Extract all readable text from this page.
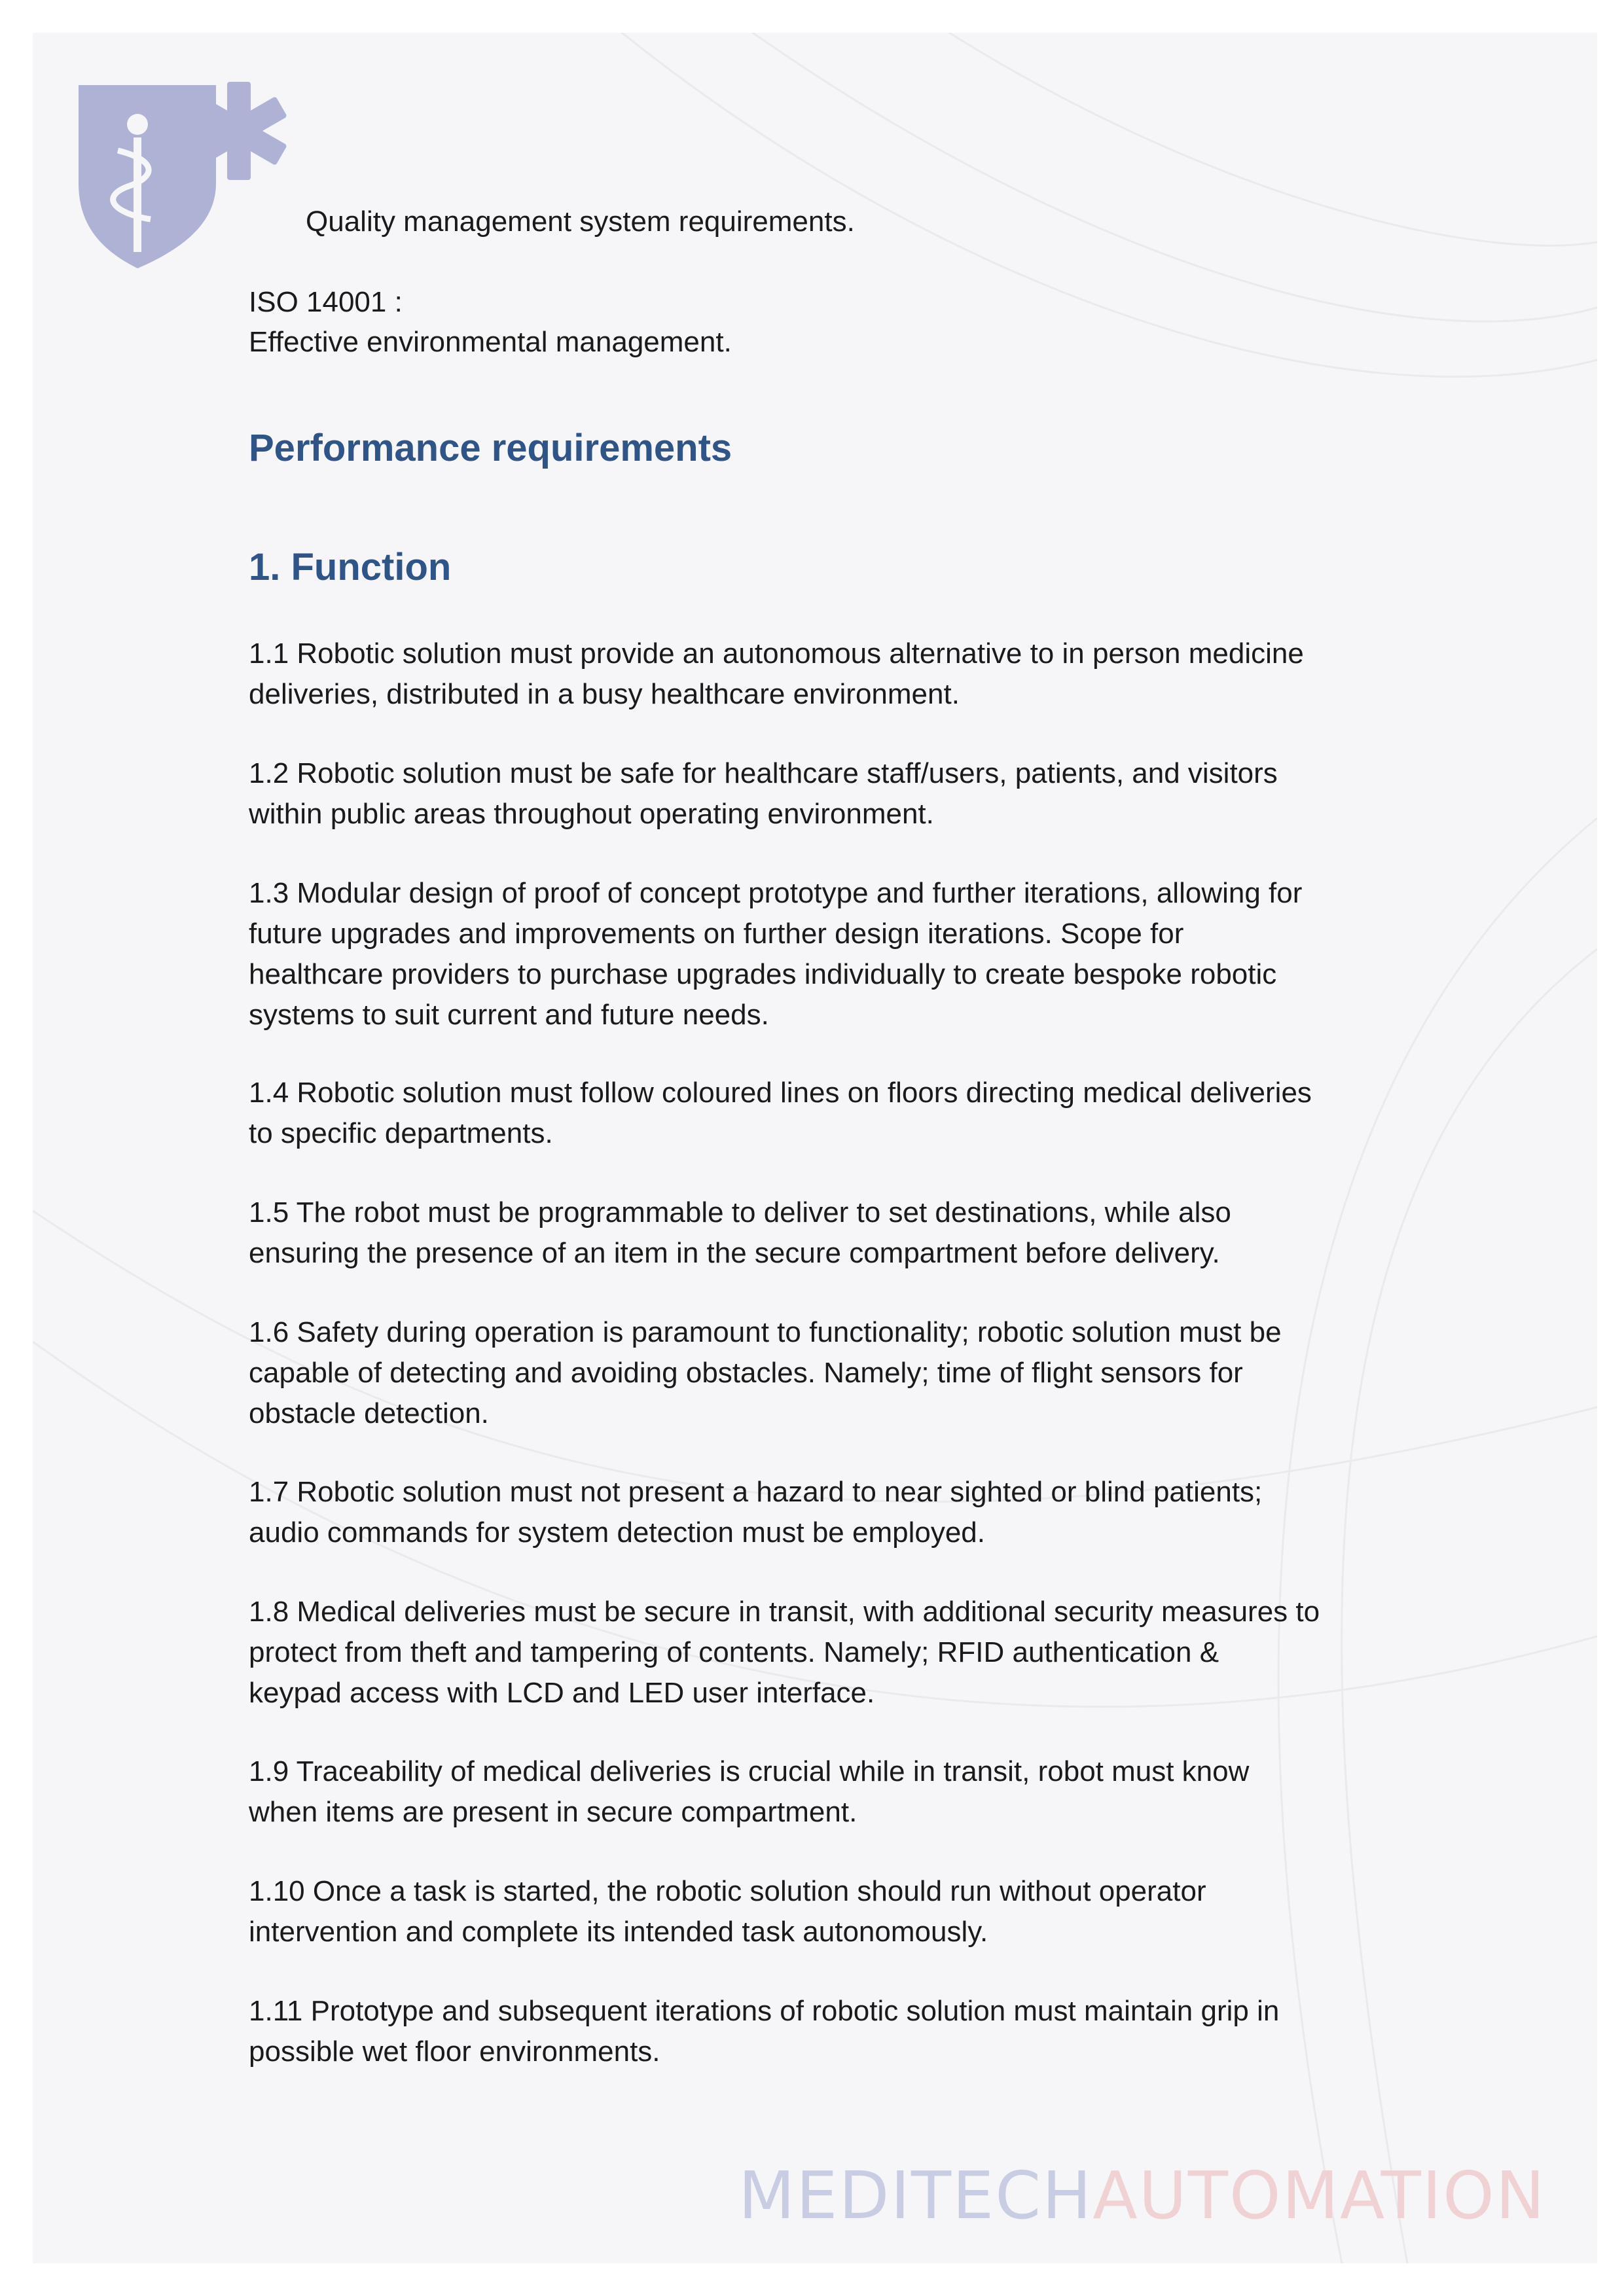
Quality management system requirements.
ISO 14001 :
Effective environmental management.
Performance requirements
1. Function

1.1 Robotic solution must provide an autonomous alternative to in person medicine

deliveries, distributed in a busy healthcare environment.

1.2 Robotic solution must be safe for healthcare staff/users, patients, and visitors

within public areas throughout operating environment.

1.3 Modular design of proof of concept prototype and further iterations, allowing for

future upgrades and improvements on further design iterations. Scope for

healthcare providers to purchase upgrades individually to create bespoke robotic

systems to suit current and future needs.

1.4 Robotic solution must follow coloured lines on floors directing medical deliveries

to specific departments.

1.5 The robot must be programmable to deliver to set destinations, while also

ensuring the presence of an item in the secure compartment before delivery.

1.6 Safety during operation is paramount to functionality; robotic solution must be

capable of detecting and avoiding obstacles. Namely; time of flight sensors for

obstacle detection.

1.7 Robotic solution must not present a hazard to near sighted or blind patients;

audio commands for system detection must be employed.

1.8 Medical deliveries must be secure in transit, with additional security measures to

protect from theft and tampering of contents. Namely; RFID authentication &

keypad access with LCD and LED user interface.

1.9 Traceability of medical deliveries is crucial while in transit, robot must know

when items are present in secure compartment.

1.10 Once a task is started, the robotic solution should run without operator

intervention and complete its intended task autonomously.

1.11 Prototype and subsequent iterations of robotic solution must maintain grip in

possible wet floor environments.

MEDITECHAUTOMATION
